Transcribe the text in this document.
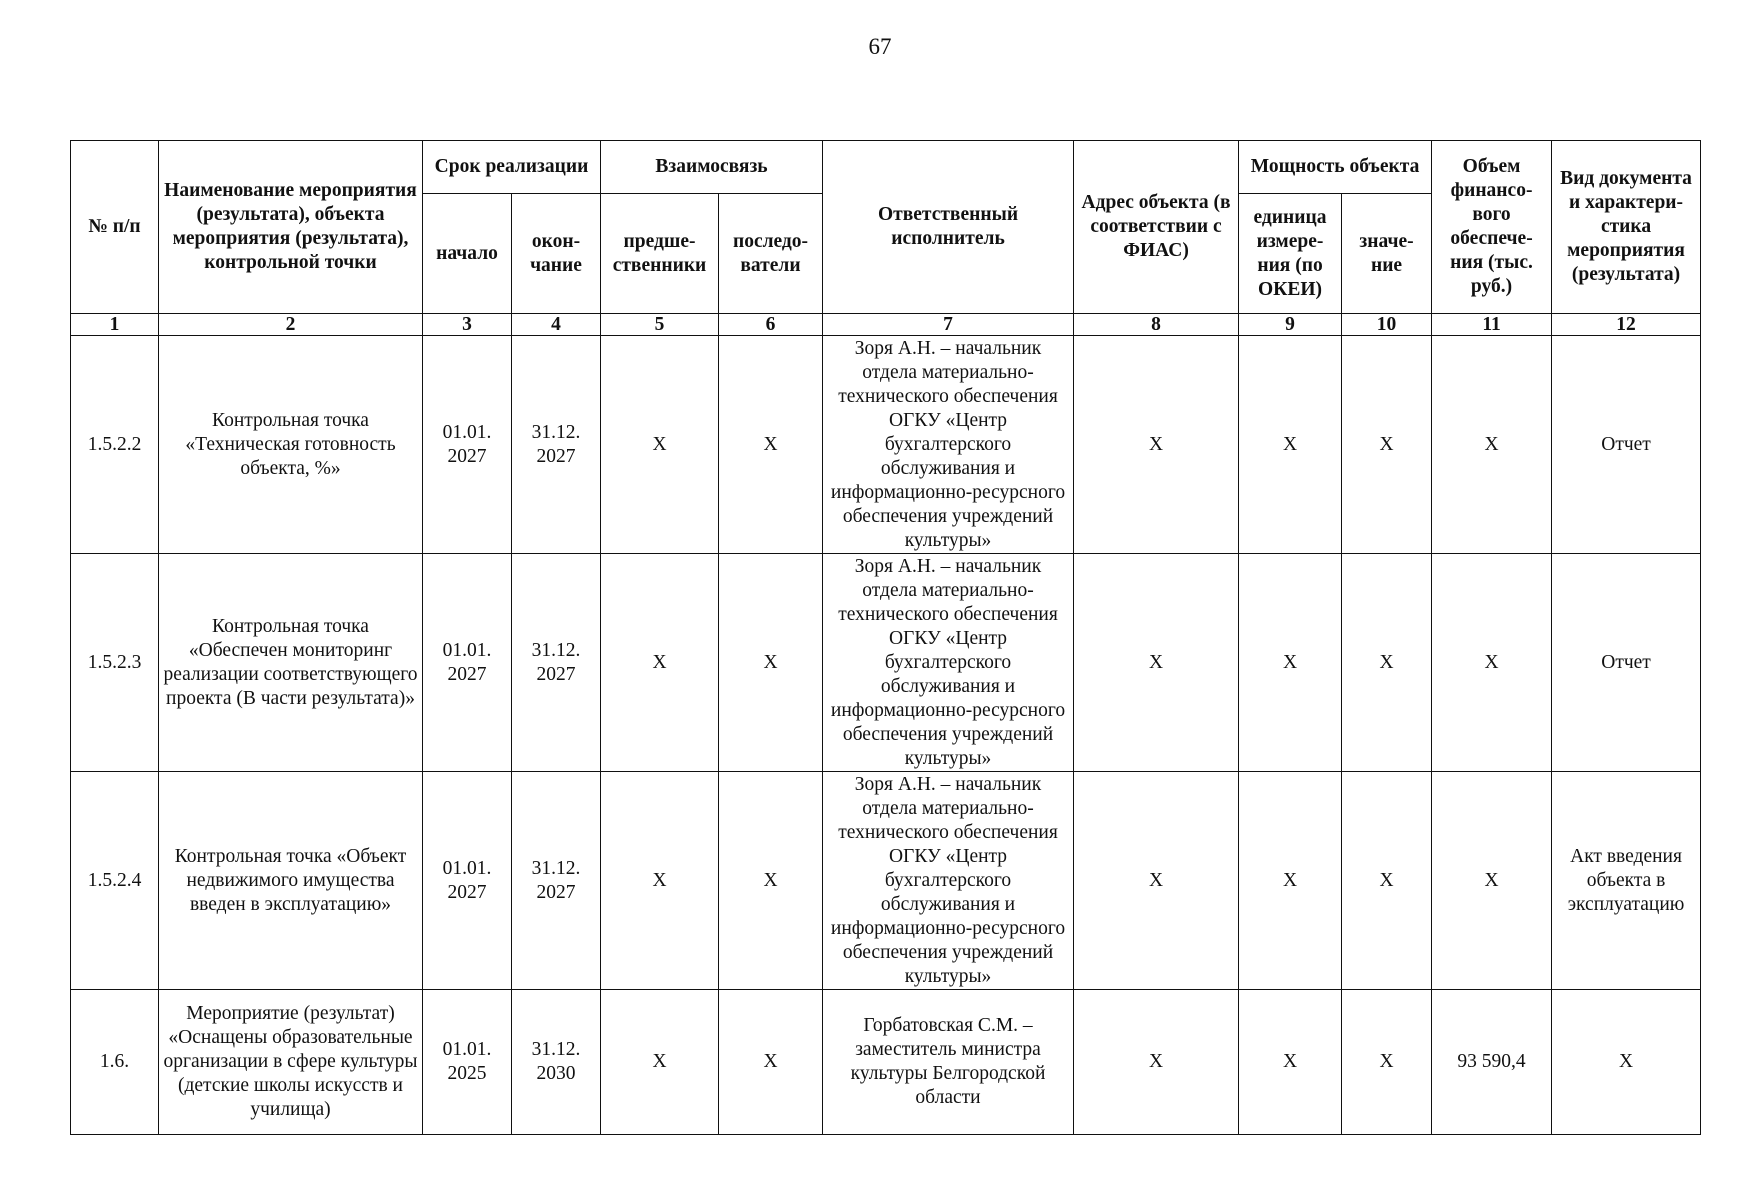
67
№ п/п	Наименование мероприятия (результата), объекта мероприятия (результата), контрольной точки	Срок реализации		Взаимосвязь		Ответственный исполнитель	Адрес объекта (в соответствии с ФИАС)	Мощность объекта		Объем финансо-вого обеспече-ния (тыс. руб.)	Вид документа и характери-стика мероприятия (результата)
		начало	окон-чание	предше-ственники	последо-ватели			единица измере-ния (по ОКЕИ)	значе-ние		
1	2	3	4	5	6	7	8	9	10	11	12
1.5.2.2	Контрольная точка «Техническая готовность объекта, %»	01.01. 2027	31.12. 2027	Х	Х	Зоря А.Н. – начальник отдела материально-технического обеспечения ОГКУ «Центр бухгалтерского обслуживания и информационно-ресурсного обеспечения учреждений культуры»	Х	Х	Х	Х	Отчет
1.5.2.3	Контрольная точка «Обеспечен мониторинг реализации соответствующего проекта (В части результата)»	01.01. 2027	31.12. 2027	Х	Х	Зоря А.Н. – начальник отдела материально-технического обеспечения ОГКУ «Центр бухгалтерского обслуживания и информационно-ресурсного обеспечения учреждений культуры»	Х	Х	Х	Х	Отчет
1.5.2.4	Контрольная точка «Объект недвижимого имущества введен в эксплуатацию»	01.01. 2027	31.12. 2027	Х	Х	Зоря А.Н. – начальник отдела материально-технического обеспечения ОГКУ «Центр бухгалтерского обслуживания и информационно-ресурсного обеспечения учреждений культуры»	Х	Х	Х	Х	Акт введения объекта в эксплуатацию
1.6.	Мероприятие (результат) «Оснащены образовательные организации в сфере культуры (детские школы искусств и училища)	01.01. 2025	31.12. 2030	Х	Х	Горбатовская С.М. – заместитель министра культуры Белгородской области	Х	Х	Х	93 590,4	Х
